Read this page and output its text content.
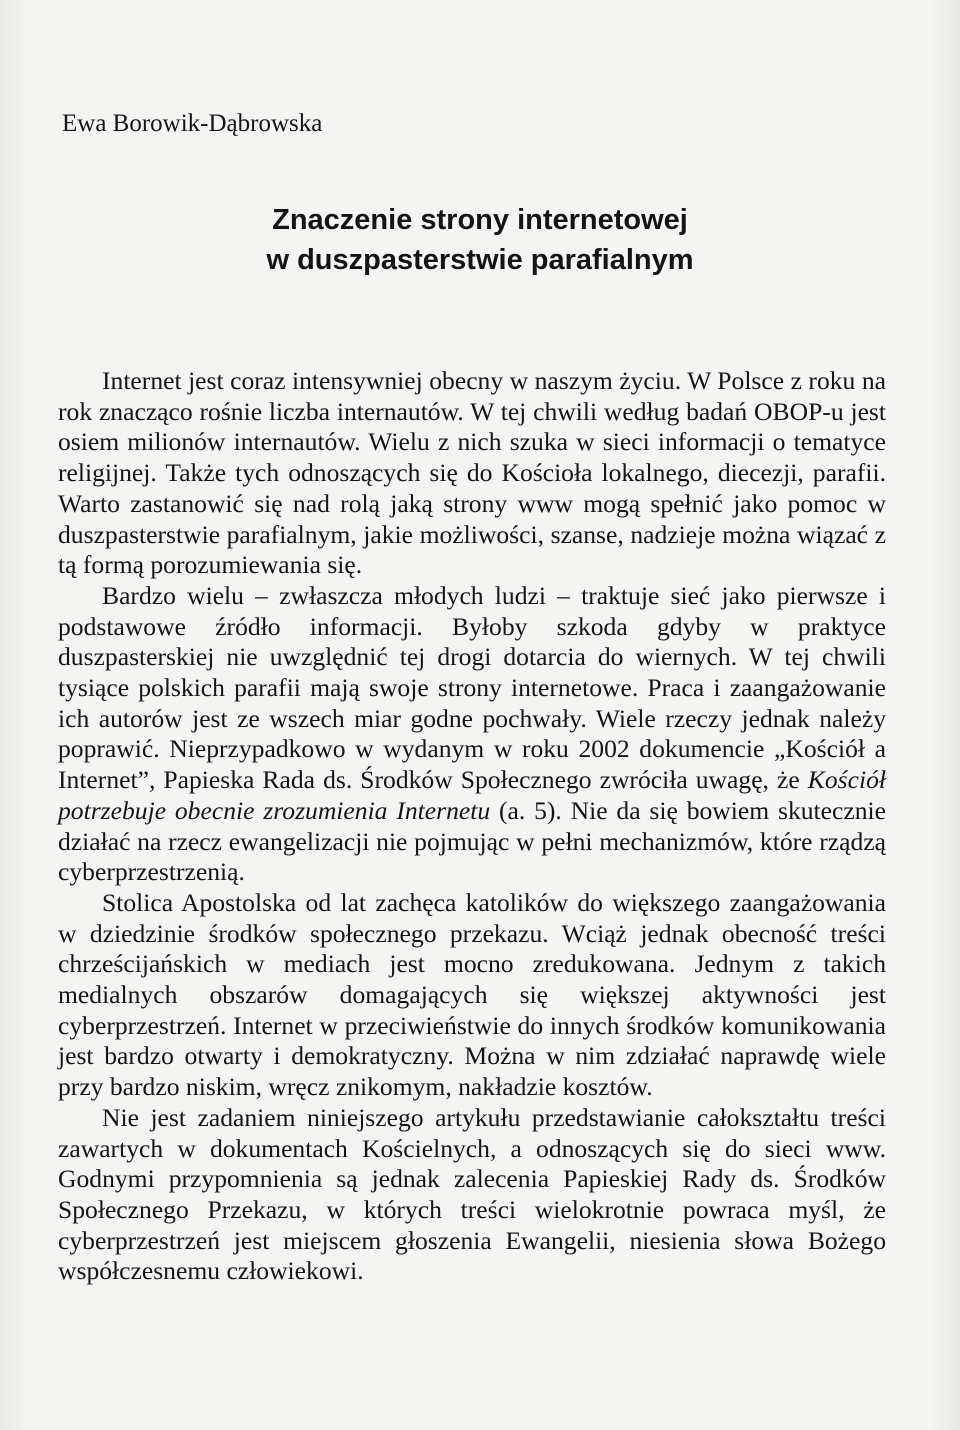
Ewa Borowik-Dąbrowska

Znaczenie strony internetowej
w duszpasterstwie parafialnym

Internet jest coraz intensywniej obecny w naszym życiu. W Polsce z roku na rok znacząco rośnie liczba internautów. W tej chwili według badań OBOP-u jest osiem milionów internautów. Wielu z nich szuka w sieci informacji o tematyce religijnej. Także tych odnoszących się do Kościoła lokalnego, diecezji, parafii. Warto zastanowić się nad rolą jaką strony www mogą spełnić jako pomoc w duszpasterstwie parafialnym, jakie możliwości, szanse, nadzieje można wiązać z tą formą porozumiewania się.

Bardzo wielu – zwłaszcza młodych ludzi – traktuje sieć jako pierwsze i podstawowe źródło informacji. Byłoby szkoda gdyby w praktyce duszpasterskiej nie uwzględnić tej drogi dotarcia do wiernych. W tej chwili tysiące polskich parafii mają swoje strony internetowe. Praca i zaangażowanie ich autorów jest ze wszech miar godne pochwały. Wiele rzeczy jednak należy poprawić. Nieprzypadkowo w wydanym w roku 2002 dokumencie „Kościół a Internet”, Papieska Rada ds. Środków Społecznego zwróciła uwagę, że Kościół potrzebuje obecnie zrozumienia Internetu (a. 5). Nie da się bowiem skutecznie działać na rzecz ewangelizacji nie pojmując w pełni mechanizmów, które rządzą cyberprzestrzenią.

Stolica Apostolska od lat zachęca katolików do większego zaangażowania w dziedzinie środków społecznego przekazu. Wciąż jednak obecność treści chrześcijańskich w mediach jest mocno zredukowana. Jednym z takich medialnych obszarów domagających się większej aktywności jest cyberprzestrzeń. Internet w przeciwieństwie do innych środków komunikowania jest bardzo otwarty i demokratyczny. Można w nim zdziałać naprawdę wiele przy bardzo niskim, wręcz znikomym, nakładzie kosztów.

Nie jest zadaniem niniejszego artykułu przedstawianie całokształtu treści zawartych w dokumentach Kościelnych, a odnoszących się do sieci www. Godnymi przypomnienia są jednak zalecenia Papieskiej Rady ds. Środków Społecznego Przekazu, w których treści wielokrotnie powraca myśl, że cyberprzestrzeń jest miejscem głoszenia Ewangelii, niesienia słowa Bożego współczesnemu człowiekowi.
